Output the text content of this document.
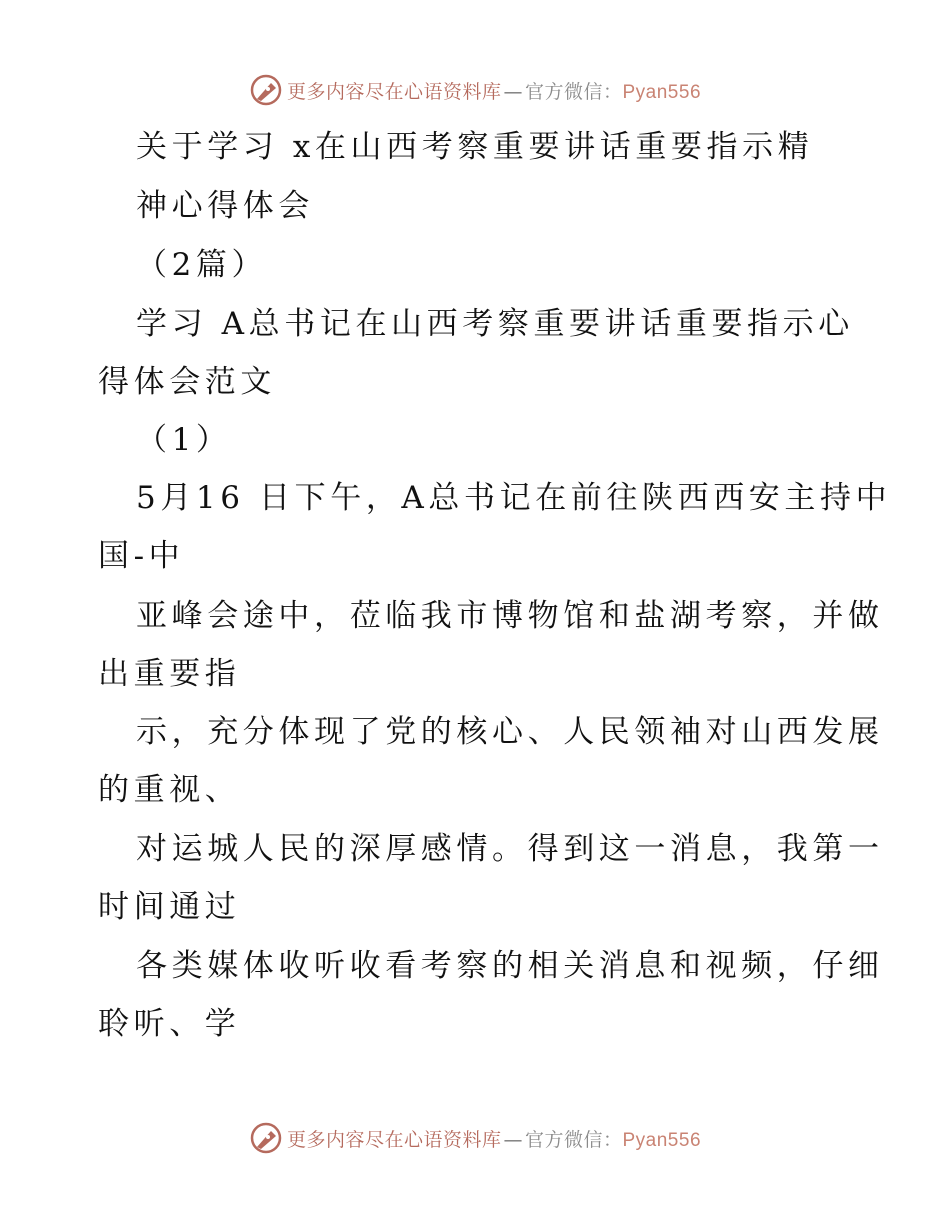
更多内容尽在心语资料库 — 官方微信：Pyan556

关于学习 x在山西考察重要讲话重要指示精

神心得体会

（2篇）

学习 A总书记在山西考察重要讲话重要指示心

得体会范文

（1）

5月16 日下午，A总书记在前往陕西西安主持中

国-中

亚峰会途中，莅临我市博物馆和盐湖考察，并做

出重要指

示，充分体现了党的核心、人民领袖对山西发展

的重视、

对运城人民的深厚感情。得到这一消息，我第一

时间通过

各类媒体收听收看考察的相关消息和视频，仔细

聆听、学

更多内容尽在心语资料库 — 官方微信：Pyan556
